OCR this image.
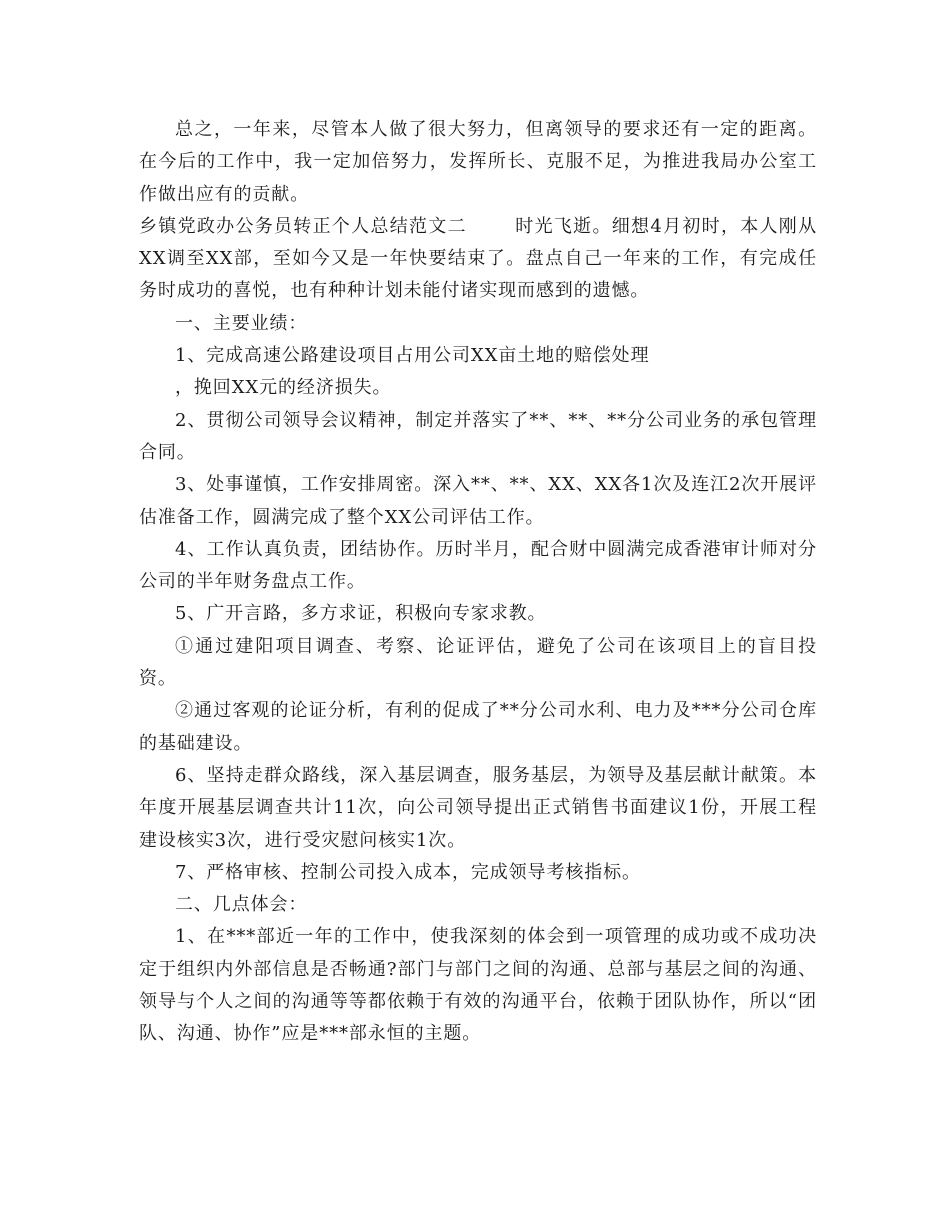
总之，一年来，尽管本人做了很大努力，但离领导的要求还有一定的距离。在今后的工作中，我一定加倍努力，发挥所长、克服不足，为推进我局办公室工作做出应有的贡献。

乡镇党政办公务员转正个人总结范文二	时光飞逝。细想4月初时，本人刚从XX调至XX部，至如今又是一年快要结束了。盘点自己一年来的工作，有完成任务时成功的喜悦，也有种种计划未能付诸实现而感到的遗憾。

一、主要业绩：

1、完成高速公路建设项目占用公司XX亩土地的赔偿处理

，挽回XX元的经济损失。

2、贯彻公司领导会议精神，制定并落实了**、**、**分公司业务的承包管理合同。

3、处事谨慎，工作安排周密。深入**、**、XX、XX各1次及连江2次开展评估准备工作，圆满完成了整个XX公司评估工作。

4、工作认真负责，团结协作。历时半月，配合财中圆满完成香港审计师对分公司的半年财务盘点工作。

5、广开言路，多方求证，积极向专家求教。

①通过建阳项目调查、考察、论证评估，避免了公司在该项目上的盲目投资。

②通过客观的论证分析，有利的促成了**分公司水利、电力及***分公司仓库的基础建设。

6、坚持走群众路线，深入基层调查，服务基层，为领导及基层献计献策。本年度开展基层调查共计11次，向公司领导提出正式销售书面建议1份，开展工程建设核实3次，进行受灾慰问核实1次。

7、严格审核、控制公司投入成本，完成领导考核指标。

二、几点体会：

1、在***部近一年的工作中，使我深刻的体会到一项管理的成功或不成功决定于组织内外部信息是否畅通?部门与部门之间的沟通、总部与基层之间的沟通、领导与个人之间的沟通等等都依赖于有效的沟通平台，依赖于团队协作，所以“团队、沟通、协作”应是***部永恒的主题。
